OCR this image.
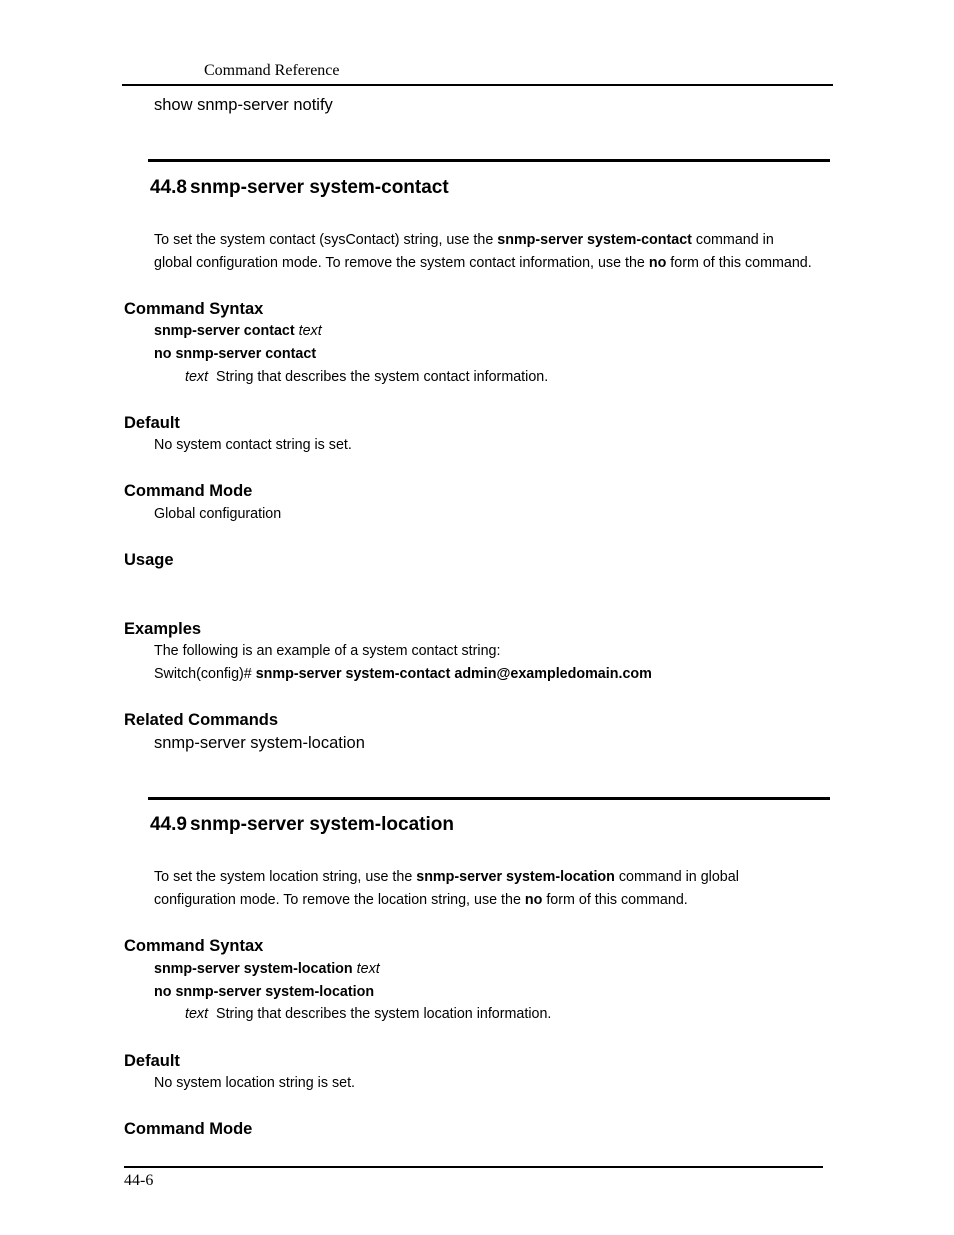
Command Reference
show snmp-server notify
44.8 snmp-server system-contact
To set the system contact (sysContact) string, use the snmp-server system-contact command in
global configuration mode. To remove the system contact information, use the no form of this command.
Command Syntax
snmp-server contact text
no snmp-server contact
text String that describes the system contact information.
Default
No system contact string is set.
Command Mode
Global configuration
Usage
Examples
The following is an example of a system contact string:
Switch(config)# snmp-server system-contact admin@exampledomain.com
Related Commands
snmp-server system-location
44.9 snmp-server system-location
To set the system location string, use the snmp-server system-location command in global
configuration mode. To remove the location string, use the no form of this command.
Command Syntax
snmp-server system-location text
no snmp-server system-location
text String that describes the system location information.
Default
No system location string is set.
Command Mode
44-6
